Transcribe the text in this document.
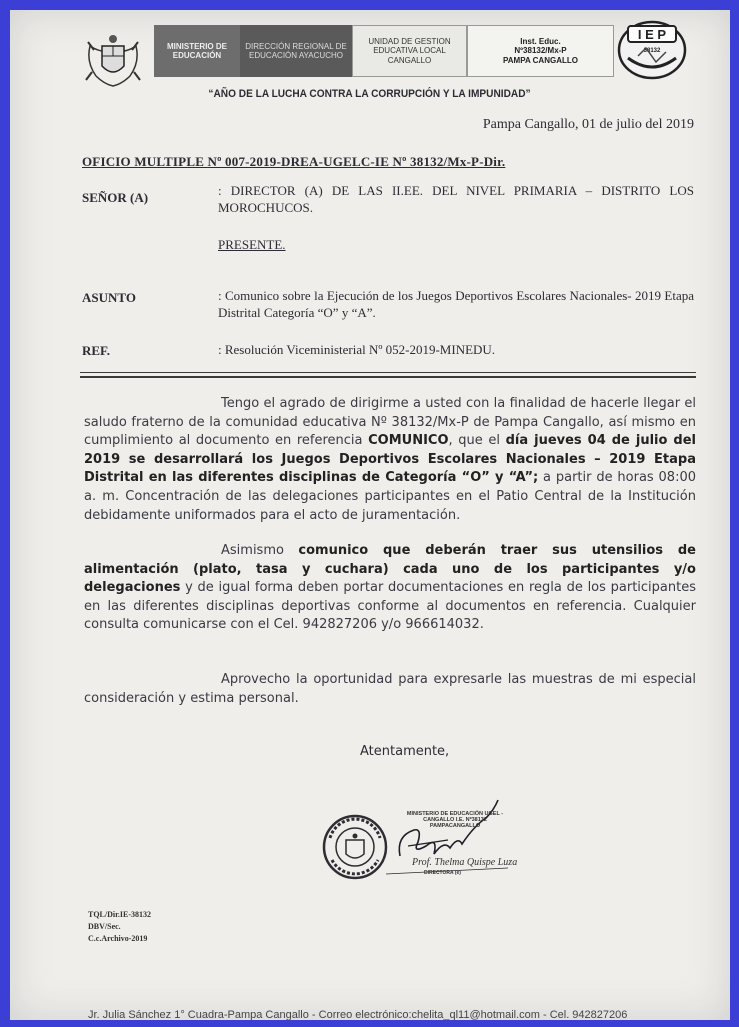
MINISTERIO DE EDUCACIÓN
DIRECCIÓN REGIONAL DE EDUCACIÓN AYACUCHO
UNIDAD DE GESTION EDUCATIVA LOCAL CANGALLO
Inst. Educ.
Nº38132/Mx-P
PAMPA CANGALLO
I E P
38132
“AÑO DE LA LUCHA CONTRA LA CORRUPCIÓN Y LA IMPUNIDAD”
Pampa Cangallo, 01 de julio del 2019
OFICIO MULTIPLE Nº 007-2019-DREA-UGELC-IE Nº 38132/Mx-P-Dir.
SEÑOR (A)	: DIRECTOR (A) DE LAS II.EE. DEL NIVEL PRIMARIA – DISTRITO LOS MOROCHUCOS.
PRESENTE.
ASUNTO	: Comunico sobre la Ejecución de los Juegos Deportivos Escolares Nacionales- 2019 Etapa Distrital Categoría “O” y “A”.
REF.	: Resolución Viceministerial Nº 052-2019-MINEDU.
Tengo el agrado de dirigirme a usted con la finalidad de hacerle llegar el saludo fraterno de la comunidad educativa Nº 38132/Mx-P de Pampa Cangallo, así mismo en cumplimiento al documento en referencia COMUNICO, que el día jueves 04 de julio del 2019 se desarrollará los Juegos Deportivos Escolares Nacionales – 2019 Etapa Distrital en las diferentes disciplinas de Categoría “O” y “A”; a partir de horas 08:00 a. m. Concentración de las delegaciones participantes en el Patio Central de la Institución debidamente uniformados para el acto de juramentación.
Asimismo comunico que deberán traer sus utensilios de alimentación (plato, tasa y cuchara) cada uno de los participantes y/o delegaciones y de igual forma deben portar documentaciones en regla de los participantes en las diferentes disciplinas deportivas conforme al documentos en referencia. Cualquier consulta comunicarse con el Cel. 942827206 y/o 966614032.
Aprovecho la oportunidad para expresarle las muestras de mi especial consideración y estima personal.
Atentamente,
MINISTERIO DE EDUCACIÓN UGEL - CANGALLO I.E. Nº38132 PAMPACANGALLO
Prof. Thelma Quispe Luza
DIRECTORA (e)
TQL/Dir.IE-38132
DBV/Sec.
C.c.Archivo-2019
Jr. Julia Sánchez 1° Cuadra-Pampa Cangallo - Correo electrónico:chelita_ql11@hotmail.com - Cel. 942827206
